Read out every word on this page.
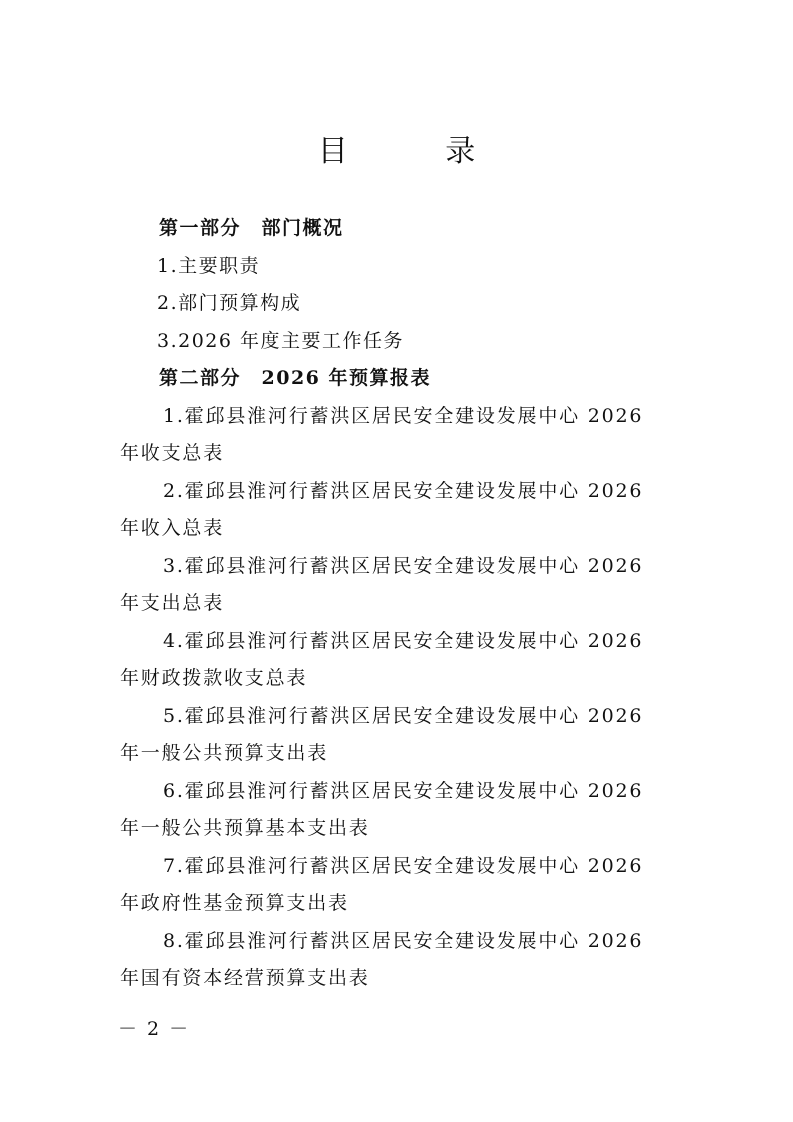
目 录
第一部分　部门概况
1.主要职责
2.部门预算构成
3.2026 年度主要工作任务
第二部分　2026 年预算报表
1.霍邱县淮河行蓄洪区居民安全建设发展中心 2026 年收支总表
2.霍邱县淮河行蓄洪区居民安全建设发展中心 2026 年收入总表
3.霍邱县淮河行蓄洪区居民安全建设发展中心 2026 年支出总表
4.霍邱县淮河行蓄洪区居民安全建设发展中心 2026 年财政拨款收支总表
5.霍邱县淮河行蓄洪区居民安全建设发展中心 2026 年一般公共预算支出表
6.霍邱县淮河行蓄洪区居民安全建设发展中心 2026 年一般公共预算基本支出表
7.霍邱县淮河行蓄洪区居民安全建设发展中心 2026 年政府性基金预算支出表
8.霍邱县淮河行蓄洪区居民安全建设发展中心 2026 年国有资本经营预算支出表
－ 2 －
